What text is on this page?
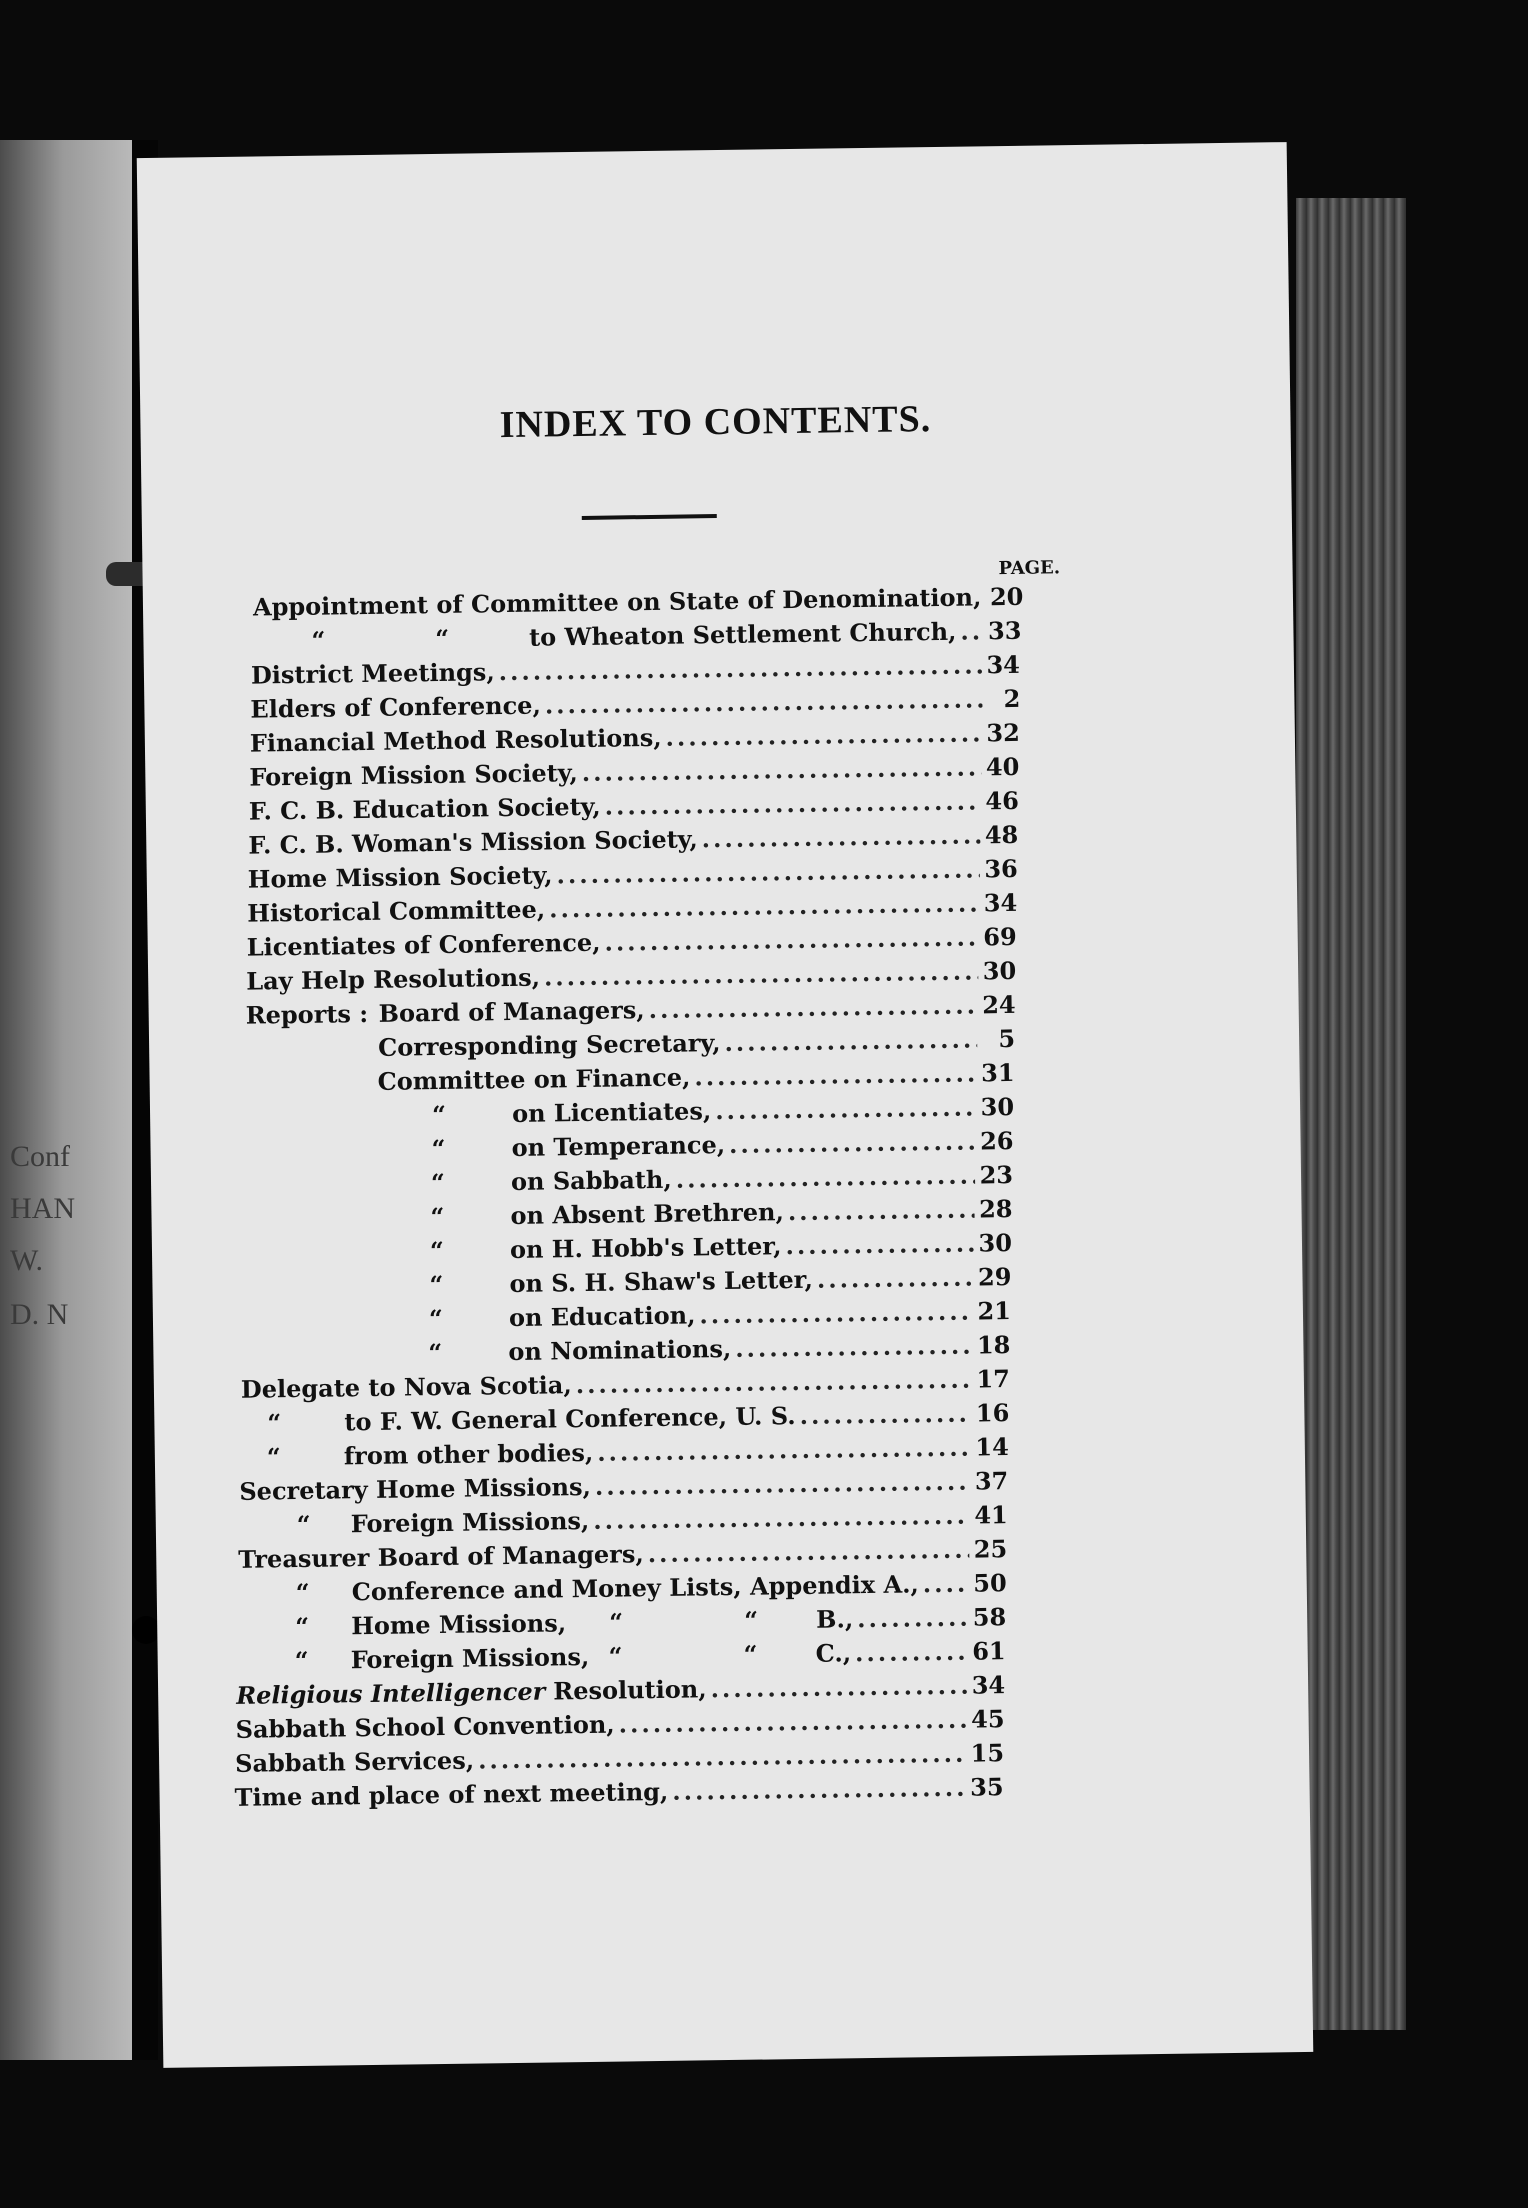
Conf
HAN
W.
D. N
INDEX TO CONTENTS.
PAGE.
Appointment of Committee on State of Denomination, ..... 20
“	“	to Wheaton Settlement Church, ..... 33
District Meetings, .....	34
Elders of Conference, .....	2
Financial Method Resolutions, .....	32
Foreign Mission Society, .....	40
F. C. B. Education Society, .....	46
F. C. B. Woman's Mission Society, .....	48
Home Mission Society, .....	36
Historical Committee, .....	34
Licentiates of Conference, .....	69
Lay Help Resolutions, .....	30
Reports : Board of Managers, .....	24
Corresponding Secretary, .....	5
Committee on Finance, .....	31
“	on Licentiates, .....	30
“	on Temperance, .....	26
“	on Sabbath, .....	23
“	on Absent Brethren, .....	28
“	on H. Hobb's Letter, .....	30
“	on S. H. Shaw's Letter, .....	29
“	on Education, .....	21
“	on Nominations, .....	18
Delegate to Nova Scotia, .....	17
“	to F. W. General Conference, U. S. .....	16
“	from other bodies, .....	14
Secretary Home Missions, .....	37
“	Foreign Missions, .....	41
Treasurer Board of Managers, .....	25
“	Conference and Money Lists, Appendix A., ..... 50
“	Home Missions,	“	“	B., .....	58
“	Foreign Missions, “	“	C., .....	61
Religious Intelligencer Resolution, .....	34
Sabbath School Convention, .....	45
Sabbath Services, .....	15
Time and place of next meeting, .....	35
